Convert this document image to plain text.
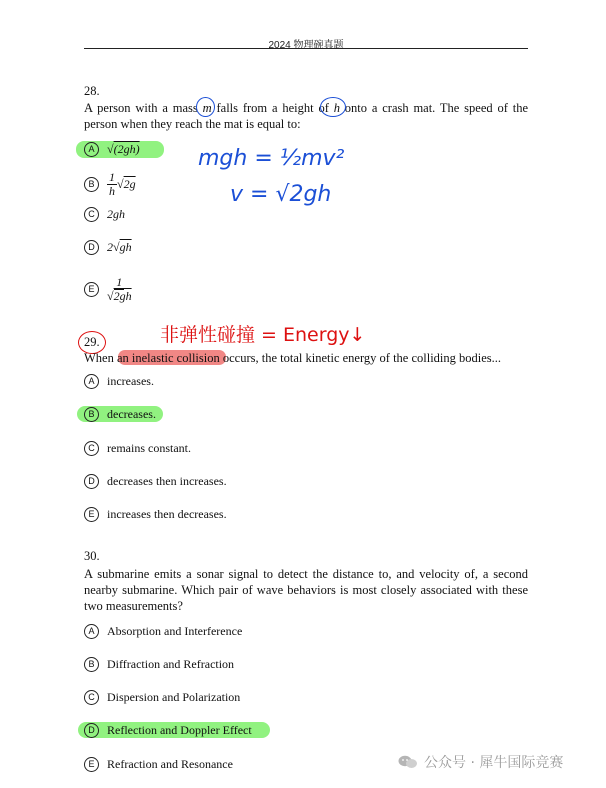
2024 物理碗真题
28.
A person with a mass m falls from a height of h onto a crash mat. The speed of the person when they reach the mat is equal to:
A	√(2gh)
B	$\frac{1}{h} √2g$
C	2gh
D	2√gh
E	$\frac{1}{√ 2gh}$
mgh = ½mv²
v = √2gh
29.	非弹性碰撞 = Energy↓
When an inelastic collision occurs, the total kinetic energy of the colliding bodies...
A	increases.
B	decreases.
C	remains constant.
D	decreases then increases.
E	increases then decreases.
30.
A submarine emits a sonar signal to detect the distance to, and velocity of, a second nearby submarine. Which pair of wave behaviors is most closely associated with these two measurements?
A	Absorption and Interference
B	Diffraction and Refraction
C	Dispersion and Polarization
D	Reflection and Doppler Effect
E	Refraction and Resonance	公众号 · 犀牛国际竞赛
